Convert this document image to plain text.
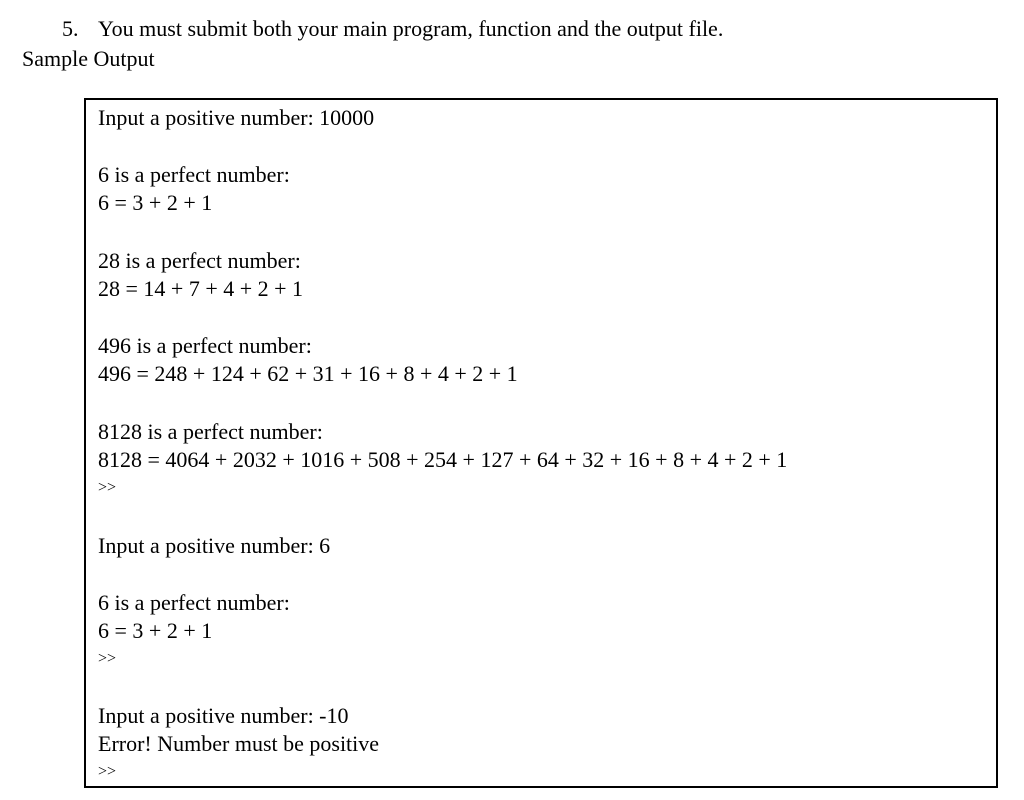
5. You must submit both your main program, function and the output file.
Sample Output
Input a positive number: 10000
6 is a perfect number:
6 = 3 + 2 + 1
28 is a perfect number:
28 = 14 + 7 + 4 + 2 + 1
496 is a perfect number:
496 = 248 + 124 + 62 + 31 + 16 + 8 + 4 + 2 + 1
8128 is a perfect number:
8128 = 4064 + 2032 + 1016 + 508 + 254 + 127 + 64 + 32 + 16 + 8 + 4 + 2 + 1
>>
Input a positive number: 6
6 is a perfect number:
6 = 3 + 2 + 1
>>
Input a positive number: -10
Error! Number must be positive
>>
